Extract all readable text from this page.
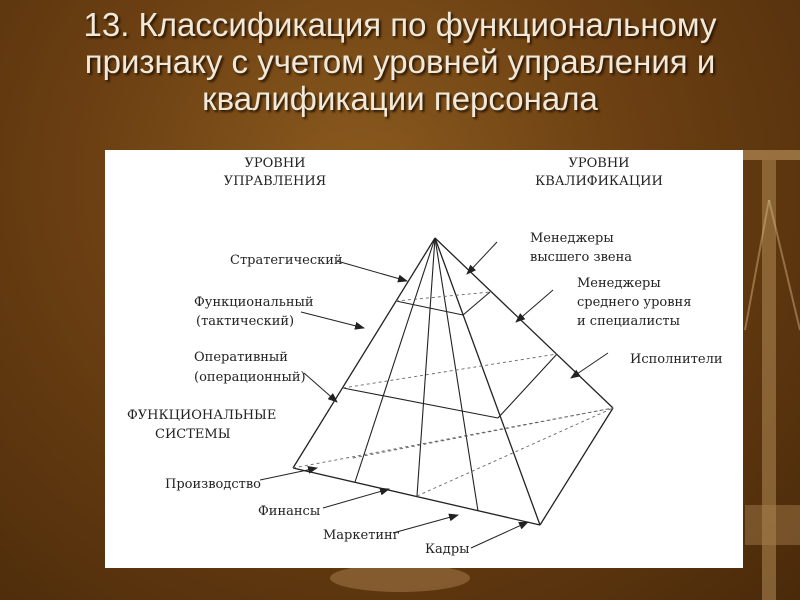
13. Классификация по функциональному признаку с учетом уровней управления и квалификации персонала
УРОВНИ
УПРАВЛЕНИЯ
УРОВНИ
КВАЛИФИКАЦИИ
Стратегический
Функциональный
(тактический)
Оперативный
(операционный)
ФУНКЦИОНАЛЬНЫЕ
СИСТЕМЫ
Производство
Финансы
Маркетинг
Кадры
Менеджеры
высшего звена
Менеджеры
среднего уровня
и специалисты
Исполнители
